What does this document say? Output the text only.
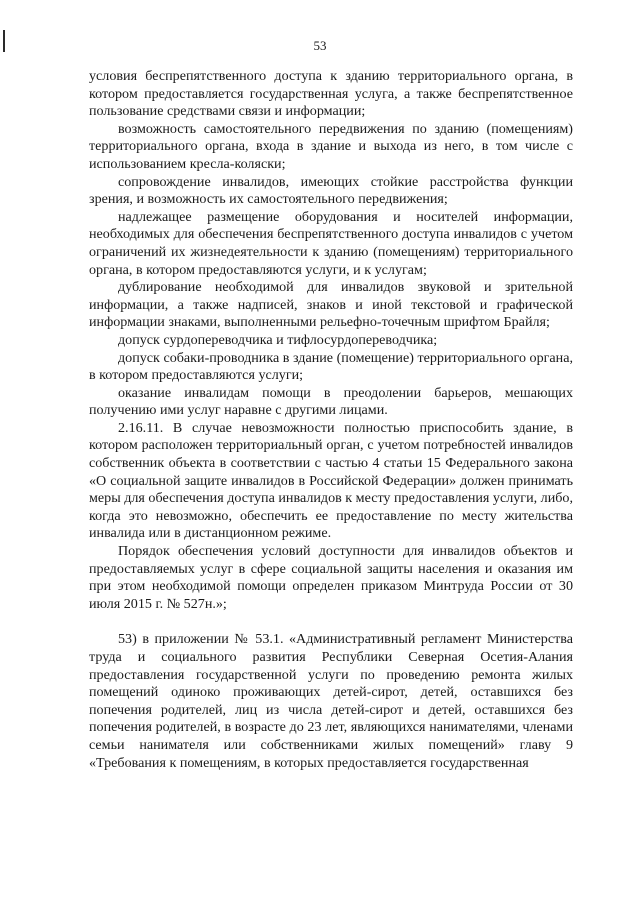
53

условия беспрепятственного доступа к зданию территориального органа, в котором предоставляется государственная услуга, а также беспрепятственное пользование средствами связи и информации;

возможность самостоятельного передвижения по зданию (помещениям) территориального органа, входа в здание и выхода из него, в том числе с использованием кресла-коляски;

сопровождение инвалидов, имеющих стойкие расстройства функции зрения, и возможность их самостоятельного передвижения;

надлежащее размещение оборудования и носителей информации, необходимых для обеспечения беспрепятственного доступа инвалидов с учетом ограничений их жизнедеятельности к зданию (помещениям) территориального органа, в котором предоставляются услуги, и к услугам;

дублирование необходимой для инвалидов звуковой и зрительной информации, а также надписей, знаков и иной текстовой и графической информации знаками, выполненными рельефно-точечным шрифтом Брайля;

допуск сурдопереводчика и тифлосурдопереводчика;

допуск собаки-проводника в здание (помещение) территориального органа, в котором предоставляются услуги;

оказание инвалидам помощи в преодолении барьеров, мешающих получению ими услуг наравне с другими лицами.

2.16.11. В случае невозможности полностью приспособить здание, в котором расположен территориальный орган, с учетом потребностей инвалидов собственник объекта в соответствии с частью 4 статьи 15 Федерального закона «О социальной защите инвалидов в Российской Федерации» должен принимать меры для обеспечения доступа инвалидов к месту предоставления услуги, либо, когда это невозможно, обеспечить ее предоставление по месту жительства инвалида или в дистанционном режиме.

Порядок обеспечения условий доступности для инвалидов объектов и предоставляемых услуг в сфере социальной защиты населения и оказания им при этом необходимой помощи определен приказом Минтруда России от 30 июля 2015 г. № 527н.»;

53) в приложении № 53.1. «Административный регламент Министерства труда и социального развития Республики Северная Осетия-Алания предоставления государственной услуги по проведению ремонта жилых помещений одиноко проживающих детей-сирот, детей, оставшихся без попечения родителей, лиц из числа детей-сирот и детей, оставшихся без попечения родителей, в возрасте до 23 лет, являющихся нанимателями, членами семьи нанимателя или собственниками жилых помещений» главу 9 «Требования к помещениям, в которых предоставляется государственная
